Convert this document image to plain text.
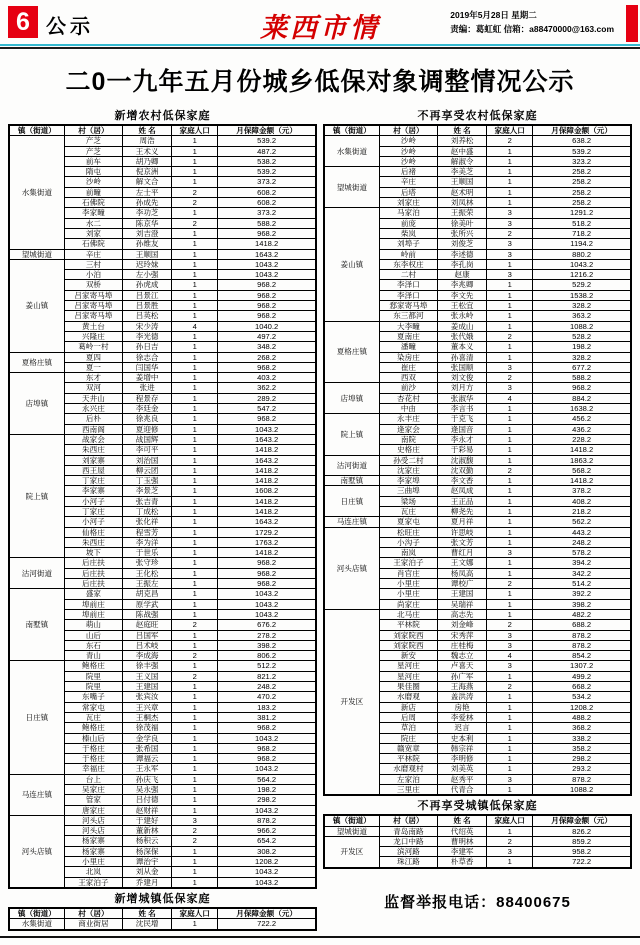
6 公示	莱西市情	2019年5月28日 星期二
责编：葛虹虹 信箱：a88470000@163.com
二0一九年五月份城乡低保对象调整情况公示
新增农村低保家庭
镇（街道）	村（居）	姓 名	家庭人口	月保障金额（元）
水集街道	产芝	周浩	1	539.2
	产芝	王术义	1	487.2
	前车	胡乃卿	1	538.2
	隋屯	倪京洲	1	539.2
	沙岭	解文合	1	373.2
	前疃	左士平	2	608.2
	石佛院	孙成先	2	608.2
	李家疃	李功芝	1	373.2
	水二	陈京华	2	588.2
	刘家	刘吉澄	1	968.2
	石佛院	孙维友	1	1418.2
望城街道	辛庄	王顺国	1	1643.2
姜山镇	三村	迟玲妹	1	1043.2
	小泊	左小强	1	1043.2
	双桥	孙虎成	1	968.2
	吕家寄马埠	吕景江	1	968.2
	吕家寄马埠	吕景胜	1	968.2
	吕家寄马埠	吕英松	1	968.2
	黄土台	宋少涛	4	1040.2
	兴隆庄	李光德	1	497.2
	葛岭一村	孙日吉	1	348.2
夏格庄镇	夏四	徐志合	1	268.2
	夏一	闫国华	1	968.2
店埠镇	东才	姜增中	1	403.2
	双河	张进	1	362.2
	天井山	程景存	1	289.2
	永兴庄	李廷金	1	547.2
	后朴	徐兆良	1	968.2
	西南阁	夏迎修	1	1043.2
院上镇	战家会	战国辉	1	1643.2
	朱西庄	李可平	1	1418.2
	刘家寨	刘治国	1	1643.2
	西王屋	柳云团	1	1418.2
	丁家庄	丁玉强	1	1418.2
	李家寨	李景芝	1	1608.2
	小河子	张吉青	1	1418.2
	丁家庄	丁成松	1	1418.2
	小河子	张化祥	1	1643.2
	仙格庄	程雪芳	1	1729.2
	朱西庄	李为洋	1	1763.2
	坡下	于世乐	1	1418.2
沽河街道	后庄扶	张守珍	1	968.2
	后庄扶	王化松	1	968.2
	后庄扶	王振左	1	968.2
南墅镇	盛家	胡克昌	1	1043.2
	埠前庄	原学武	1	1043.2
	埠前庄	陈战强	1	1043.2
	萌山	赵庭旺	2	676.2
	山后	吕国军	1	278.2
	东石	吕术岐	1	398.2
	青山	李成海	2	806.2
日庄镇	鲍格庄	徐丰强	1	512.2
	院里	王义国	2	821.2
	院里	王建国	1	248.2
	东嘴子	张宾汝	1	470.2
	常家屯	王兴章	1	183.2
	瓦庄	王桐杰	1	381.2
	鲍格庄	徐茂福	1	968.2
	榛山后	金学良	1	1043.2
	于格庄	张希国	1	968.2
	于格庄	谭福云	1	968.2
	幸福庄	王永军	1	1043.2
马连庄镇	台上	孙庆飞	1	564.2
	吴家庄	吴永强	1	198.2
	管家	吕付德	1	298.2
	唐家庄	赵财祥	1	1043.2
河头店镇	河头店	于建好	3	878.2
	河头店	董新林	2	966.2
	杨家寨	杨积云	2	654.2
	杨家寨	杨深保	1	308.2
	小里庄	谭治宇	1	1208.2
	北岚	刘从金	1	1043.2
	王家泊子	乔建月	1	1043.2
新增城镇低保家庭
镇（街道）	村（居）	姓 名	家庭人口	月保障金额（元）
水集街道	商业街居	沈民增	1	722.2
不再享受农村低保家庭
镇（街道）	村（居）	姓 名	家庭人口	月保障金额（元）
水集街道	沙岭	刘养松	2	638.2
	沙岭	赵中盛	1	539.2
	沙岭	解淑令	1	323.2
望城街道	后褚	李美芝	1	258.2
	辛庄	王顺国	1	258.2
	后塔	赵术明	1	258.2
	刘家庄	刘凤林	1	258.2
姜山镇	马家泊	王振荣	3	1291.2
	前庞	徐美叶	3	518.2
	柴岚	张所兴	2	718.2
	刘埠子	刘俊芝	3	1194.2
	岭前	李述德	3	880.2
	东李权庄	李孔岗	1	1043.2
	二村	赵康	3	1216.2
	李泽口	李兆卿	1	529.2
	李泽口	李文先	1	1538.2
	郄家寄马埠	王松宜	1	328.2
	东三都河	张永岭	1	363.2
夏格庄镇	大李疃	姜成山	1	1088.2
	夏南庄	张代娥	2	528.2
	潘疃	董本义	1	198.2
	染房庄	孙喜清	1	328.2
	崔庄	张国顺	3	677.2
	西双	刘文俊	2	588.2
店埠镇	前沙	刘月方	3	968.2
	杏花村	张淑华	4	884.2
	中由	李言书	1	1638.2
院上镇	永丰庄	于克飞	1	456.2
	逄家会	逄国音	1	436.2
	南院	李永才	1	228.2
	史格庄	于彩易	1	1418.2
沽河街道	孙受二村	沈淑馥	1	1863.2
	沈家庄	沈双勤	2	568.2
南墅镇	李家埠	李文香	1	1418.2
日庄镇	三曲埠	赵凤成	1	378.2
	梁场	王正品	1	408.2
	瓦庄	柳尧先	1	218.2
马连庄镇	夏家屯	夏月祥	1	562.2
河头店镇	松旺庄	许思岐	1	443.2
	小沟子	张文芳	1	248.2
	南岚	曹红月	3	578.2
	王家泊子	王文娜	1	394.2
	肖官庄	杨凤高	1	342.2
	小里庄	谭校广	2	514.2
	小里庄	王建国	1	392.2
	尚家庄	吴瑞祥	1	398.2
开发区	北马庄	高志先	1	482.2
	平林院	刘金峰	2	688.2
	刘家院西	宋秀萍	3	878.2
	刘家院西	庄桂梅	3	878.2
	新安	魏志立	4	854.2
	星河庄	卢喜天	3	1307.2
	星河庄	孙广军	1	499.2
	果佳圈	王海燕	2	668.2
	水磨观	盖洪涛	1	534.2
	新店	房艳	1	1208.2
	后周	李爱林	1	488.2
	草泊	迟言	1	368.2
	院庄	史本利	1	338.2
	赣宽章	韩宗祥	1	358.2
	平林院	李明修	1	298.2
	水磨观村	刘美英	1	293.2
	左家泊	赵秀平	3	878.2
	三里庄	代青合	1	1088.2
不再享受城镇低保家庭
镇（街道）	村（居）	姓 名	家庭人口	月保障金额（元）
望城街道	青岛南路	代绍英	1	826.2
开发区	龙口中路	曹明林	2	859.2
	滨河路	李建军	3	958.2
	珠江路	朴草香	1	722.2
监督举报电话：88400675
